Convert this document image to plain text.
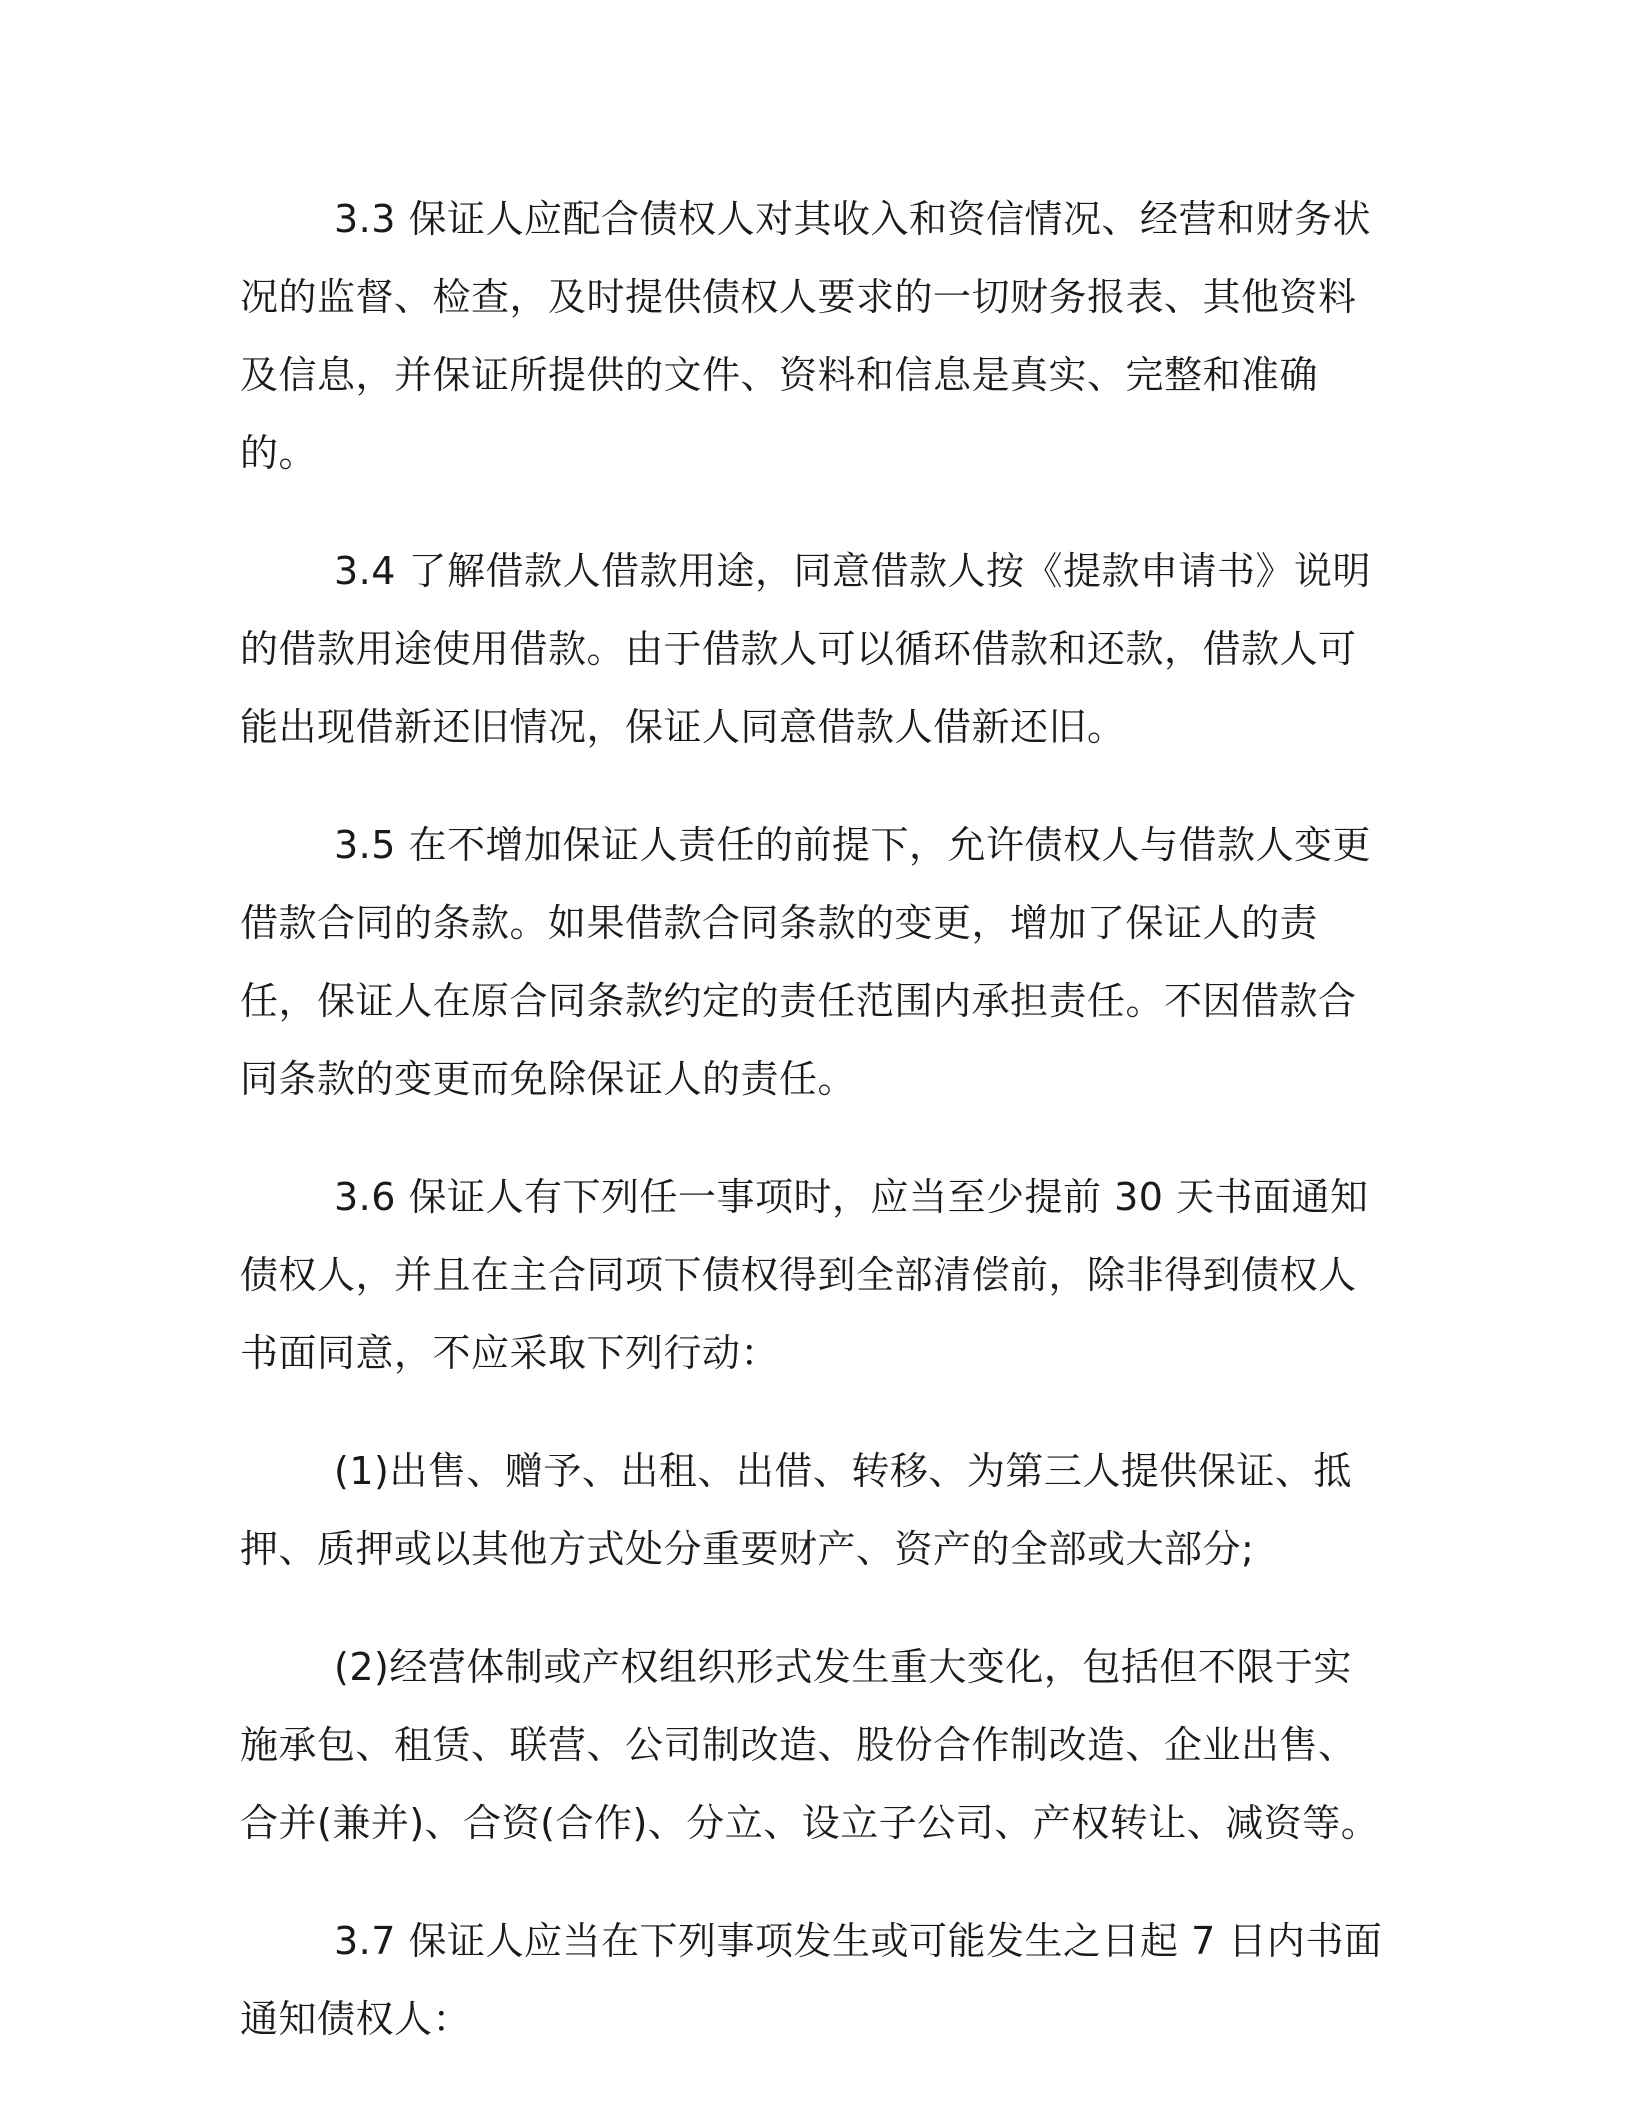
3.3 保证人应配合债权人对其收入和资信情况、经营和财务状况的监督、检查，及时提供债权人要求的一切财务报表、其他资料及信息，并保证所提供的文件、资料和信息是真实、完整和准确的。

3.4 了解借款人借款用途，同意借款人按《提款申请书》说明的借款用途使用借款。由于借款人可以循环借款和还款，借款人可能出现借新还旧情况，保证人同意借款人借新还旧。

3.5 在不增加保证人责任的前提下，允许债权人与借款人变更借款合同的条款。如果借款合同条款的变更，增加了保证人的责任，保证人在原合同条款约定的责任范围内承担责任。不因借款合同条款的变更而免除保证人的责任。

3.6 保证人有下列任一事项时，应当至少提前 30 天书面通知债权人，并且在主合同项下债权得到全部清偿前，除非得到债权人书面同意，不应采取下列行动：

(1)出售、赠予、出租、出借、转移、为第三人提供保证、抵押、质押或以其他方式处分重要财产、资产的全部或大部分;

(2)经营体制或产权组织形式发生重大变化，包括但不限于实施承包、租赁、联营、公司制改造、股份合作制改造、企业出售、合并(兼并)、合资(合作)、分立、设立子公司、产权转让、减资等。

3.7 保证人应当在下列事项发生或可能发生之日起 7 日内书面通知债权人：
